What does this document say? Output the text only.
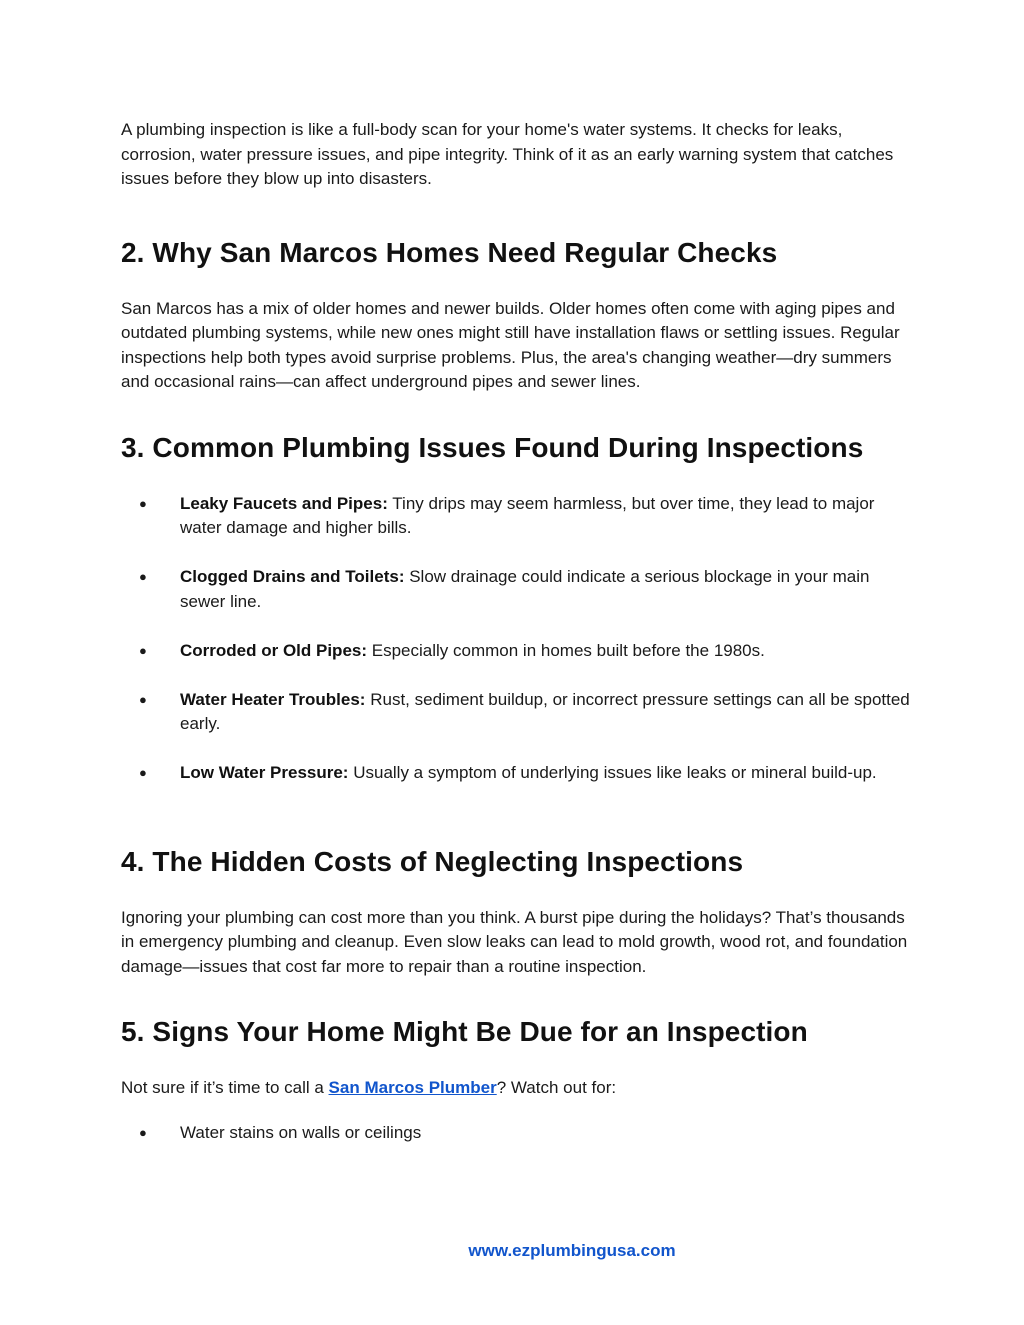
A plumbing inspection is like a full-body scan for your home's water systems. It checks for leaks, corrosion, water pressure issues, and pipe integrity. Think of it as an early warning system that catches issues before they blow up into disasters.

2. Why San Marcos Homes Need Regular Checks

San Marcos has a mix of older homes and newer builds. Older homes often come with aging pipes and outdated plumbing systems, while new ones might still have installation flaws or settling issues. Regular inspections help both types avoid surprise problems. Plus, the area's changing weather—dry summers and occasional rains—can affect underground pipes and sewer lines.

3. Common Plumbing Issues Found During Inspections
● Leaky Faucets and Pipes: Tiny drips may seem harmless, but over time, they lead to major water damage and higher bills.
● Clogged Drains and Toilets: Slow drainage could indicate a serious blockage in your main sewer line.
● Corroded or Old Pipes: Especially common in homes built before the 1980s.
● Water Heater Troubles: Rust, sediment buildup, or incorrect pressure settings can all be spotted early.
● Low Water Pressure: Usually a symptom of underlying issues like leaks or mineral build-up.
4. The Hidden Costs of Neglecting Inspections

Ignoring your plumbing can cost more than you think. A burst pipe during the holidays? That’s thousands in emergency plumbing and cleanup. Even slow leaks can lead to mold growth, wood rot, and foundation damage—issues that cost far more to repair than a routine inspection.

5. Signs Your Home Might Be Due for an Inspection

Not sure if it’s time to call a San Marcos Plumber? Watch out for:

● Water stains on walls or ceilings
www.ezplumbingusa.com
